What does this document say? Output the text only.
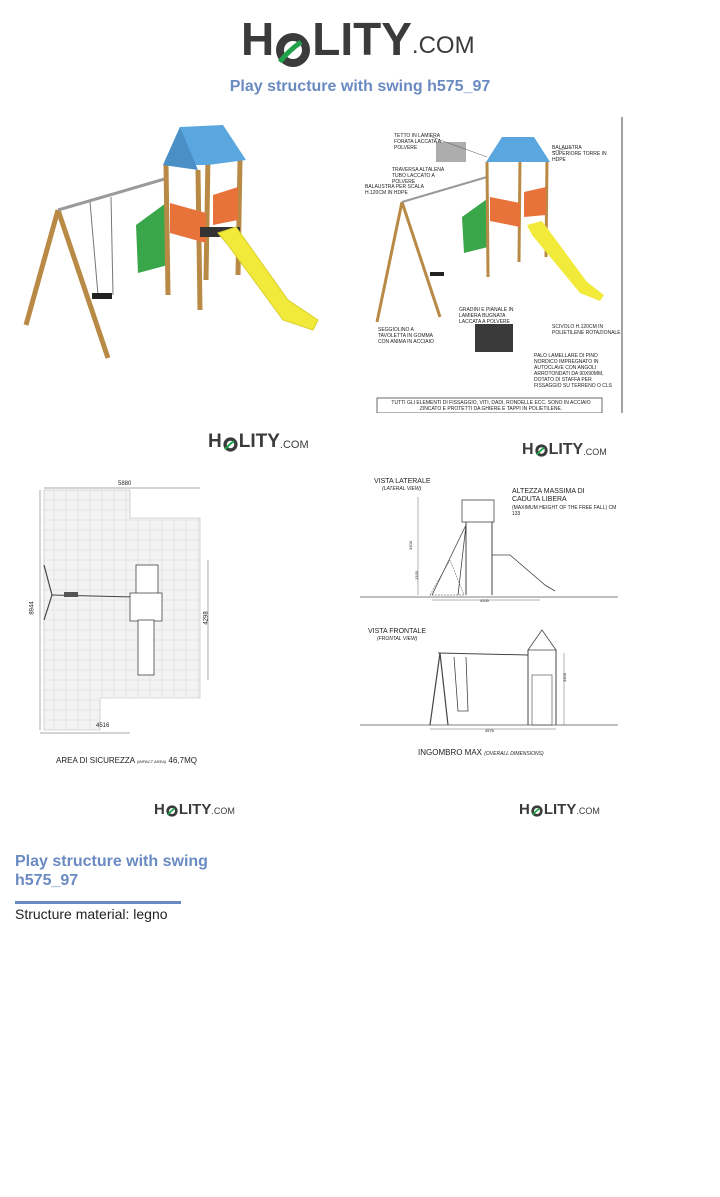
H LITY .COM
Play structure with swing h575_97
TETTO IN LAMIERA FORATA LACCATA A POLVERE
TRAVERSA ALTALENA TUBO LACCATO A POLVERE
BALAUSTRA PER SCALA H.120CM IN HDPE
BALAUSTRA SUPERIORE TORRE IN HDPE
GRADINI E PIANALE IN LAMIERA BUGNATA LACCATA A POLVERE
SEGGIOLINO A TAVOLETTA IN GOMMA CON ANIMA IN ACCIAIO
SCIVOLO H.120CM IN POLIETILENE ROTAZIONALE
PALO LAMELLARE DI PINO NORDICO IMPREGNATO IN AUTOCLAVE CON ANGOLI ARROTONDATI DA 90X90MM, DOTATO DI STAFFA PER FISSAGGIO SU TERRENO O CLS
TUTTI GLI ELEMENTI DI FISSAGGIO, VITI, DADI, RONDELLE ECC. SONO IN ACCIAIO ZINCATO E PROTETTI DA GHIERE E TAPPI IN POLIETILENE.
H LITY .COM	H LITY .COM
5880
8944
4298
4516
AREA DI SICUREZZA (IMPACT AREA) 46,7MQ
VISTA LATERALE
(LATERAL VIEW)	ALTEZZA MASSIMA DI CADUTA LIBERA
(MAXIMUM HEIGHT OF THE FREE FALL) CM 133
3300
1330
4200
VISTA FRONTALE
(FRONTAL VIEW)
4576
3300
INGOMBRO MAX (OVERALL DIMENSIONS)
H LITY .COM	H LITY .COM
Play structure with swing h575_97
Structure material: legno
